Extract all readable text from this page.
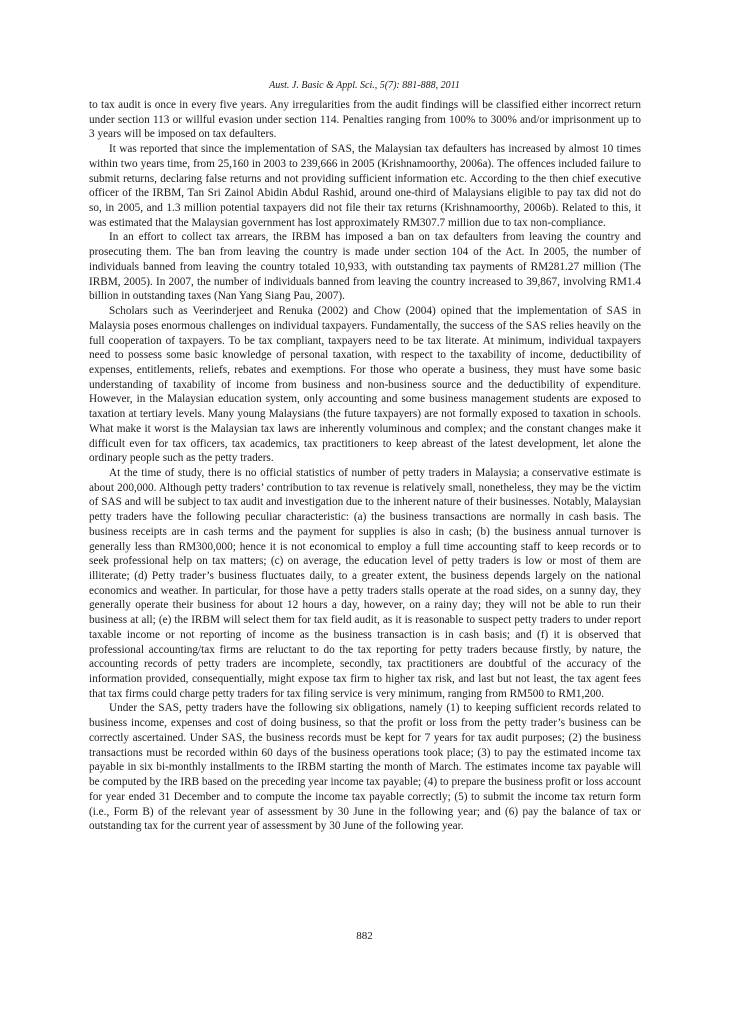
Aust. J. Basic & Appl. Sci., 5(7): 881-888, 2011

to tax audit is once in every five years. Any irregularities from the audit findings will be classified either incorrect return under section 113 or willful evasion under section 114. Penalties ranging from 100% to 300% and/or imprisonment up to 3 years will be imposed on tax defaulters.

It was reported that since the implementation of SAS, the Malaysian tax defaulters has increased by almost 10 times within two years time, from 25,160 in 2003 to 239,666 in 2005 (Krishnamoorthy, 2006a). The offences included failure to submit returns, declaring false returns and not providing sufficient information etc. According to the then chief executive officer of the IRBM, Tan Sri Zainol Abidin Abdul Rashid, around one-third of Malaysians eligible to pay tax did not do so, in 2005, and 1.3 million potential taxpayers did not file their tax returns (Krishnamoorthy, 2006b). Related to this, it was estimated that the Malaysian government has lost approximately RM307.7 million due to tax non-compliance.

In an effort to collect tax arrears, the IRBM has imposed a ban on tax defaulters from leaving the country and prosecuting them. The ban from leaving the country is made under section 104 of the Act. In 2005, the number of individuals banned from leaving the country totaled 10,933, with outstanding tax payments of RM281.27 million (The IRBM, 2005). In 2007, the number of individuals banned from leaving the country increased to 39,867, involving RM1.4 billion in outstanding taxes (Nan Yang Siang Pau, 2007).

Scholars such as Veerinderjeet and Renuka (2002) and Chow (2004) opined that the implementation of SAS in Malaysia poses enormous challenges on individual taxpayers. Fundamentally, the success of the SAS relies heavily on the full cooperation of taxpayers. To be tax compliant, taxpayers need to be tax literate. At minimum, individual taxpayers need to possess some basic knowledge of personal taxation, with respect to the taxability of income, deductibility of expenses, entitlements, reliefs, rebates and exemptions. For those who operate a business, they must have some basic understanding of taxability of income from business and non-business source and the deductibility of expenditure. However, in the Malaysian education system, only accounting and some business management students are exposed to taxation at tertiary levels. Many young Malaysians (the future taxpayers) are not formally exposed to taxation in schools. What make it worst is the Malaysian tax laws are inherently voluminous and complex; and the constant changes make it difficult even for tax officers, tax academics, tax practitioners to keep abreast of the latest development, let alone the ordinary people such as the petty traders.

At the time of study, there is no official statistics of number of petty traders in Malaysia; a conservative estimate is about 200,000. Although petty traders’ contribution to tax revenue is relatively small, nonetheless, they may be the victim of SAS and will be subject to tax audit and investigation due to the inherent nature of their businesses. Notably, Malaysian petty traders have the following peculiar characteristic: (a) the business transactions are normally in cash basis. The business receipts are in cash terms and the payment for supplies is also in cash; (b) the business annual turnover is generally less than RM300,000; hence it is not economical to employ a full time accounting staff to keep records or to seek professional help on tax matters; (c) on average, the education level of petty traders is low or most of them are illiterate; (d) Petty trader’s business fluctuates daily, to a greater extent, the business depends largely on the national economics and weather. In particular, for those have a petty traders stalls operate at the road sides, on a sunny day, they generally operate their business for about 12 hours a day, however, on a rainy day; they will not be able to run their business at all; (e) the IRBM will select them for tax field audit, as it is reasonable to suspect petty traders to under report taxable income or not reporting of income as the business transaction is in cash basis; and (f) it is observed that professional accounting/tax firms are reluctant to do the tax reporting for petty traders because firstly, by nature, the accounting records of petty traders are incomplete, secondly, tax practitioners are doubtful of the accuracy of the information provided, consequentially, might expose tax firm to higher tax risk, and last but not least, the tax agent fees that tax firms could charge petty traders for tax filing service is very minimum, ranging from RM500 to RM1,200.

Under the SAS, petty traders have the following six obligations, namely (1) to keeping sufficient records related to business income, expenses and cost of doing business, so that the profit or loss from the petty trader’s business can be correctly ascertained. Under SAS, the business records must be kept for 7 years for tax audit purposes; (2) the business transactions must be recorded within 60 days of the business operations took place; (3) to pay the estimated income tax payable in six bi-monthly installments to the IRBM starting the month of March. The estimates income tax payable will be computed by the IRB based on the preceding year income tax payable; (4) to prepare the business profit or loss account for year ended 31 December and to compute the income tax payable correctly; (5) to submit the income tax return form (i.e., Form B) of the relevant year of assessment by 30 June in the following year; and (6) pay the balance of tax or outstanding tax for the current year of assessment by 30 June of the following year.

882
